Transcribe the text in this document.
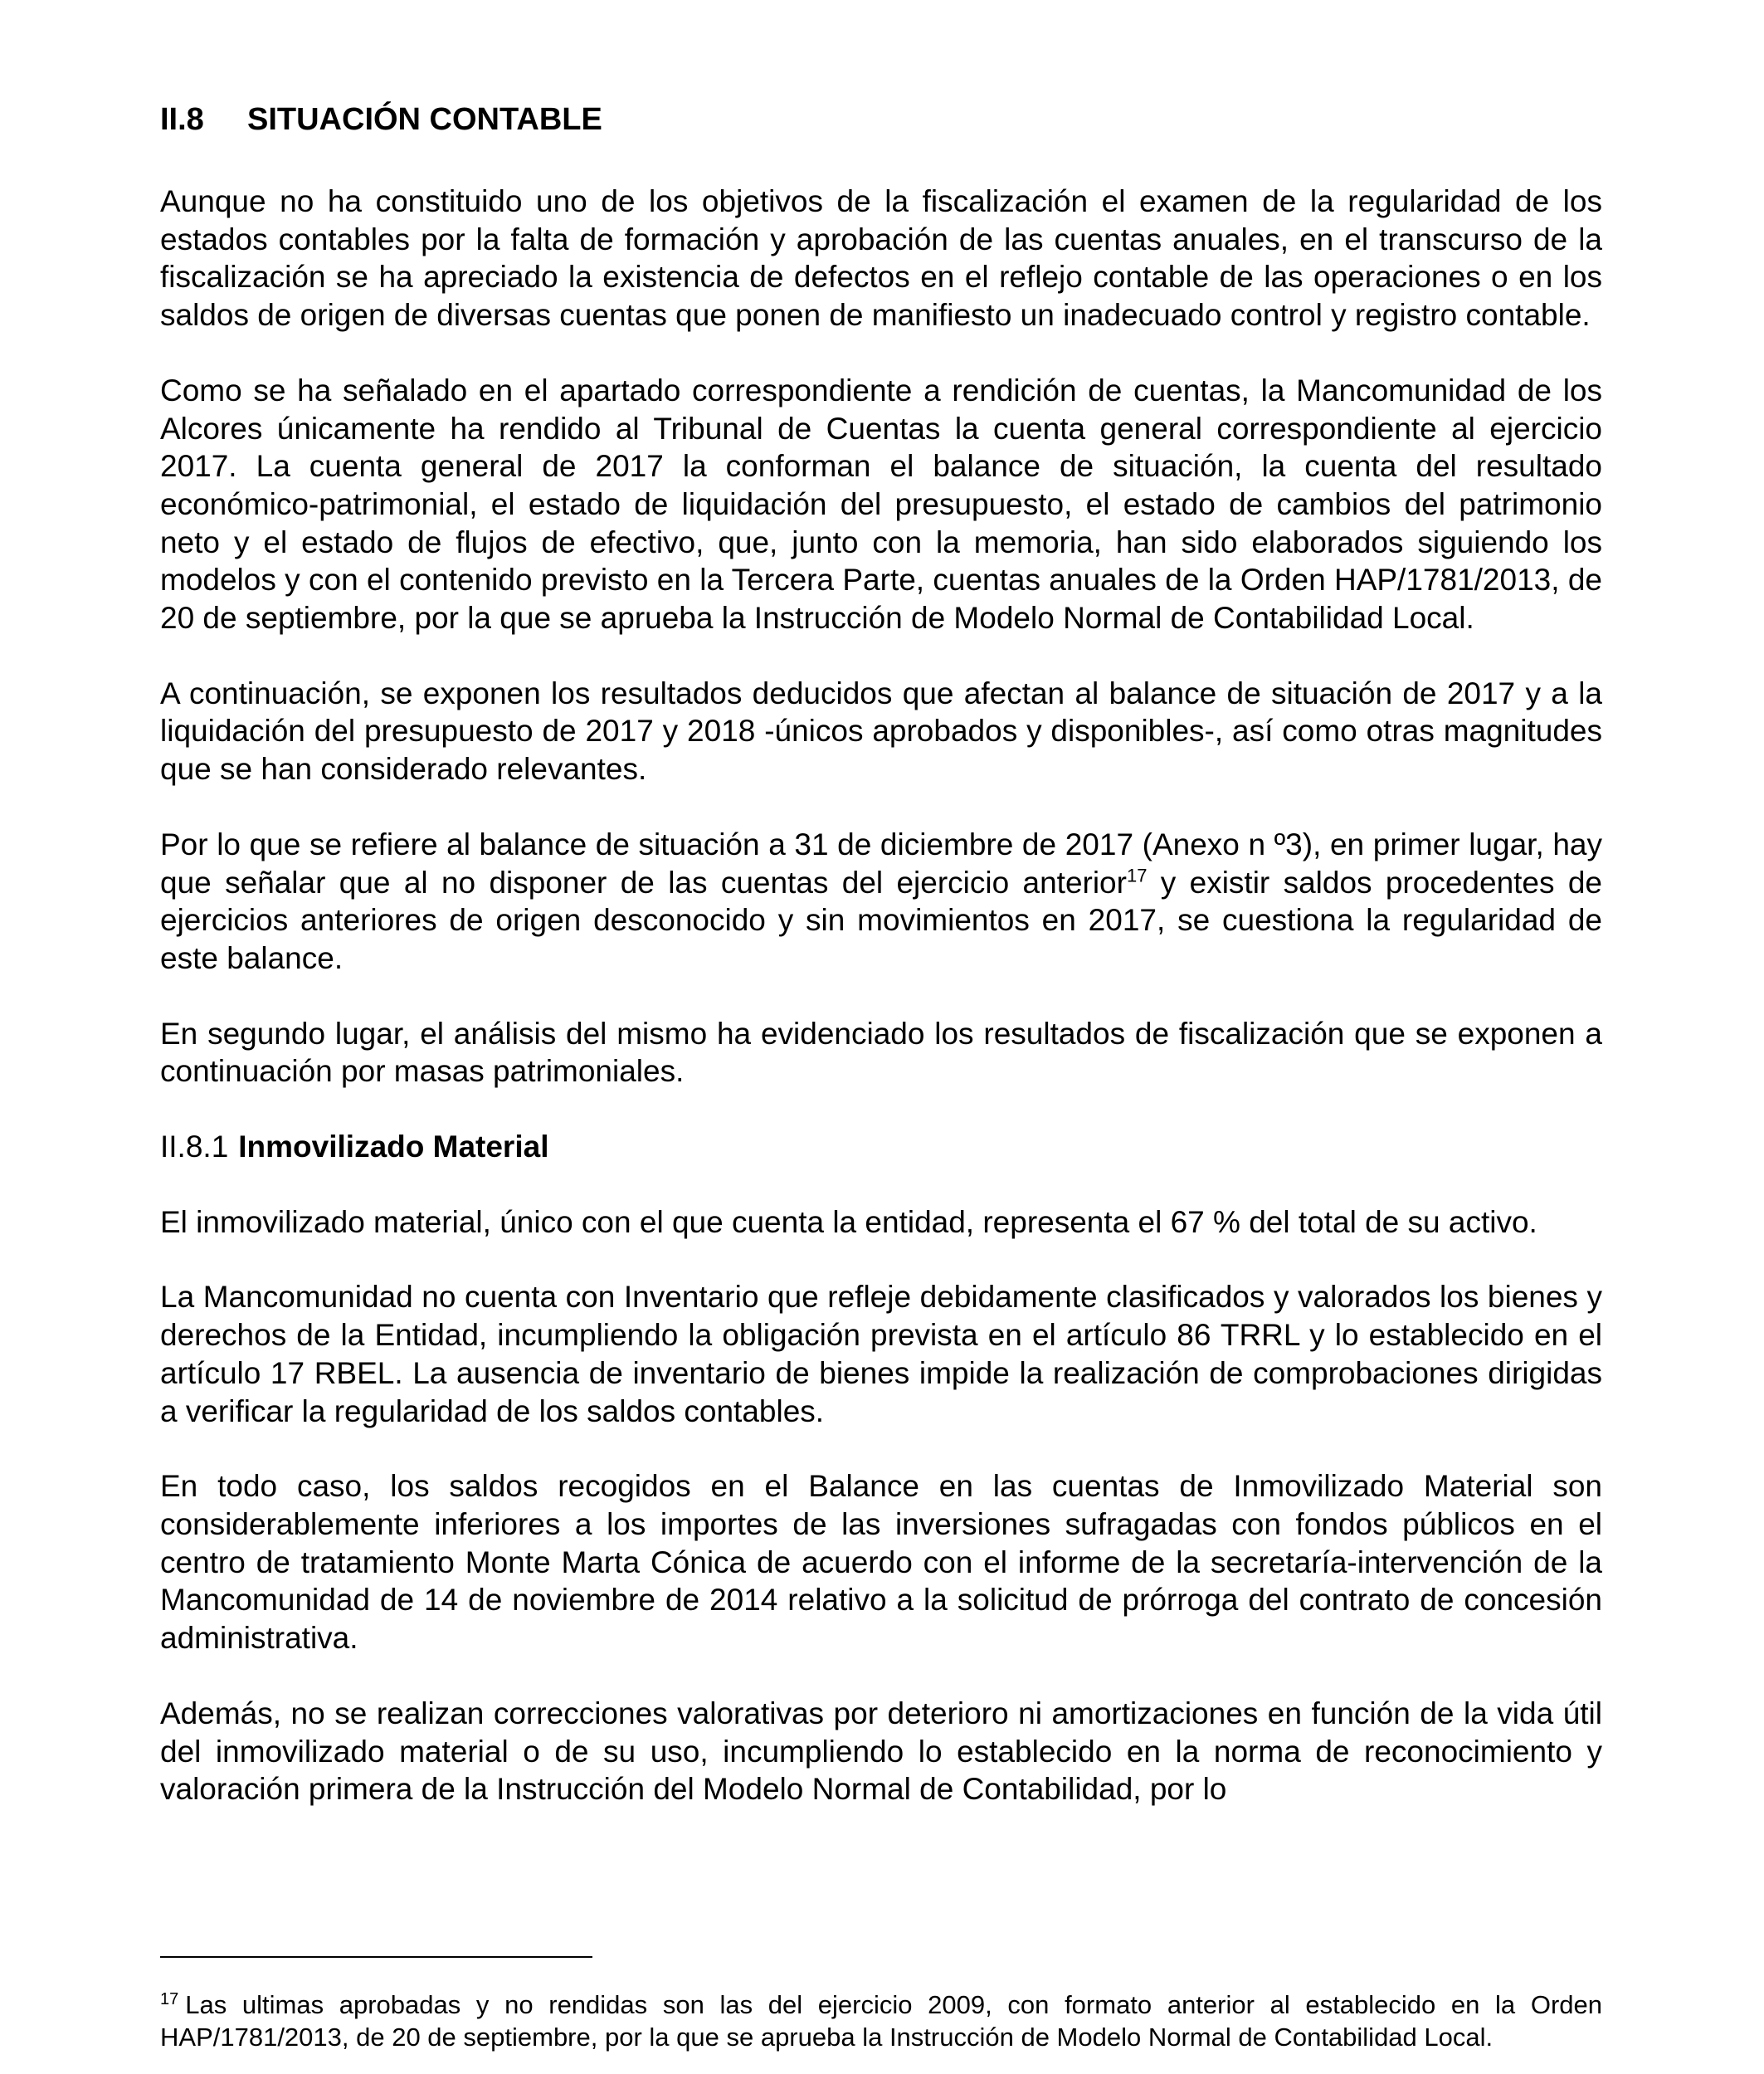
II.8 SITUACIÓN CONTABLE

Aunque no ha constituido uno de los objetivos de la fiscalización el examen de la regularidad de los estados contables por la falta de formación y aprobación de las cuentas anuales, en el transcurso de la fiscalización se ha apreciado la existencia de defectos en el reflejo contable de las operaciones o en los saldos de origen de diversas cuentas que ponen de manifiesto un inadecuado control y registro contable.

Como se ha señalado en el apartado correspondiente a rendición de cuentas, la Mancomunidad de los Alcores únicamente ha rendido al Tribunal de Cuentas la cuenta general correspondiente al ejercicio 2017. La cuenta general de 2017 la conforman el balance de situación, la cuenta del resultado económico-patrimonial, el estado de liquidación del presupuesto, el estado de cambios del patrimonio neto y el estado de flujos de efectivo, que, junto con la memoria, han sido elaborados siguiendo los modelos y con el contenido previsto en la Tercera Parte, cuentas anuales de la Orden HAP/1781/2013, de 20 de septiembre, por la que se aprueba la Instrucción de Modelo Normal de Contabilidad Local.

A continuación, se exponen los resultados deducidos que afectan al balance de situación de 2017 y a la liquidación del presupuesto de 2017 y 2018 -únicos aprobados y disponibles-, así como otras magnitudes que se han considerado relevantes.

Por lo que se refiere al balance de situación a 31 de diciembre de 2017 (Anexo n º3), en primer lugar, hay que señalar que al no disponer de las cuentas del ejercicio anterior$^{17}$ y existir saldos procedentes de ejercicios anteriores de origen desconocido y sin movimientos en 2017, se cuestiona la regularidad de este balance.

En segundo lugar, el análisis del mismo ha evidenciado los resultados de fiscalización que se exponen a continuación por masas patrimoniales.

II.8.1 Inmovilizado Material

El inmovilizado material, único con el que cuenta la entidad, representa el 67 % del total de su activo.

La Mancomunidad no cuenta con Inventario que refleje debidamente clasificados y valorados los bienes y derechos de la Entidad, incumpliendo la obligación prevista en el artículo 86 TRRL y lo establecido en el artículo 17 RBEL. La ausencia de inventario de bienes impide la realización de comprobaciones dirigidas a verificar la regularidad de los saldos contables.

En todo caso, los saldos recogidos en el Balance en las cuentas de Inmovilizado Material son considerablemente inferiores a los importes de las inversiones sufragadas con fondos públicos en el centro de tratamiento Monte Marta Cónica de acuerdo con el informe de la secretaría-intervención de la Mancomunidad de 14 de noviembre de 2014 relativo a la solicitud de prórroga del contrato de concesión administrativa.

Además, no se realizan correcciones valorativas por deterioro ni amortizaciones en función de la vida útil del inmovilizado material o de su uso, incumpliendo lo establecido en la norma de reconocimiento y valoración primera de la Instrucción del Modelo Normal de Contabilidad, por lo

$^{17}$ Las ultimas aprobadas y no rendidas son las del ejercicio 2009, con formato anterior al establecido en la Orden HAP/1781/2013, de 20 de septiembre, por la que se aprueba la Instrucción de Modelo Normal de Contabilidad Local.
